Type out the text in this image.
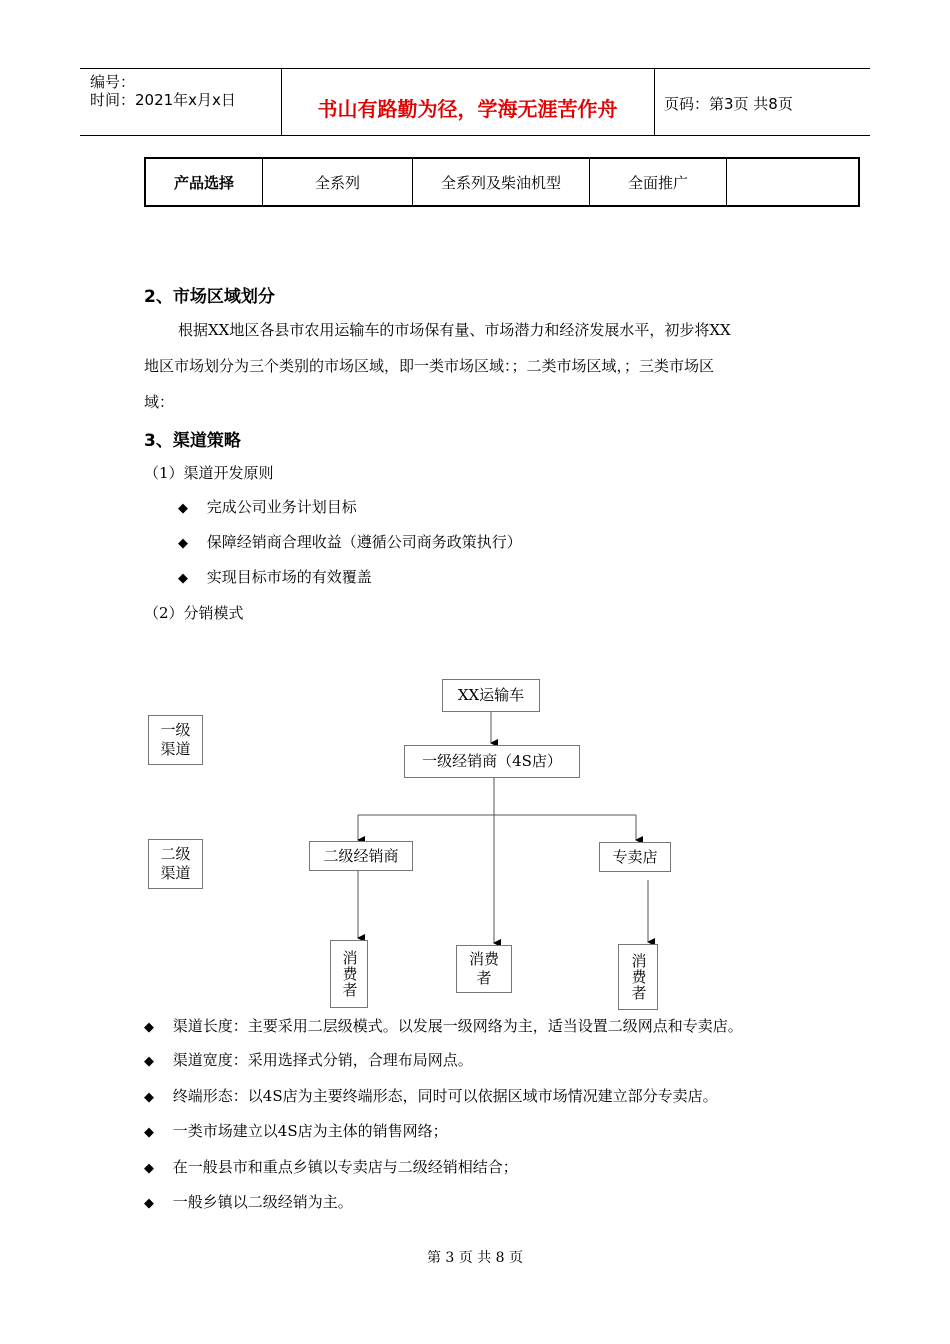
编号：
时间：2021年x月x日	书山有路勤为径，学海无涯苦作舟	页码：第3页 共8页
产品选择	全系列	全系列及柴油机型	全面推广	
2、市场区域划分
根据XX地区各县市农用运输车的市场保有量、市场潜力和经济发展水平，初步将XX
地区市场划分为三个类别的市场区域，即一类市场区域：；二类市场区域，；三类市场区
域：
3、渠道策略
（1）渠道开发原则
◆ 完成公司业务计划目标
◆ 保障经销商合理收益（遵循公司商务政策执行）
◆ 实现目标市场的有效覆盖
（2）分销模式
XX运输车
一级经销商（4S店）
二级经销商	专卖店
消费者	消费者	消费者
一级渠道
二级渠道
◆ 渠道长度：主要采用二层级模式。以发展一级网络为主，适当设置二级网点和专卖店。
◆ 渠道宽度：采用选择式分销，合理布局网点。
◆ 终端形态：以4S店为主要终端形态，同时可以依据区域市场情况建立部分专卖店。
◆ 一类市场建立以4S店为主体的销售网络；
◆ 在一般县市和重点乡镇以专卖店与二级经销相结合；
◆ 一般乡镇以二级经销为主。
第 3 页 共 8 页
